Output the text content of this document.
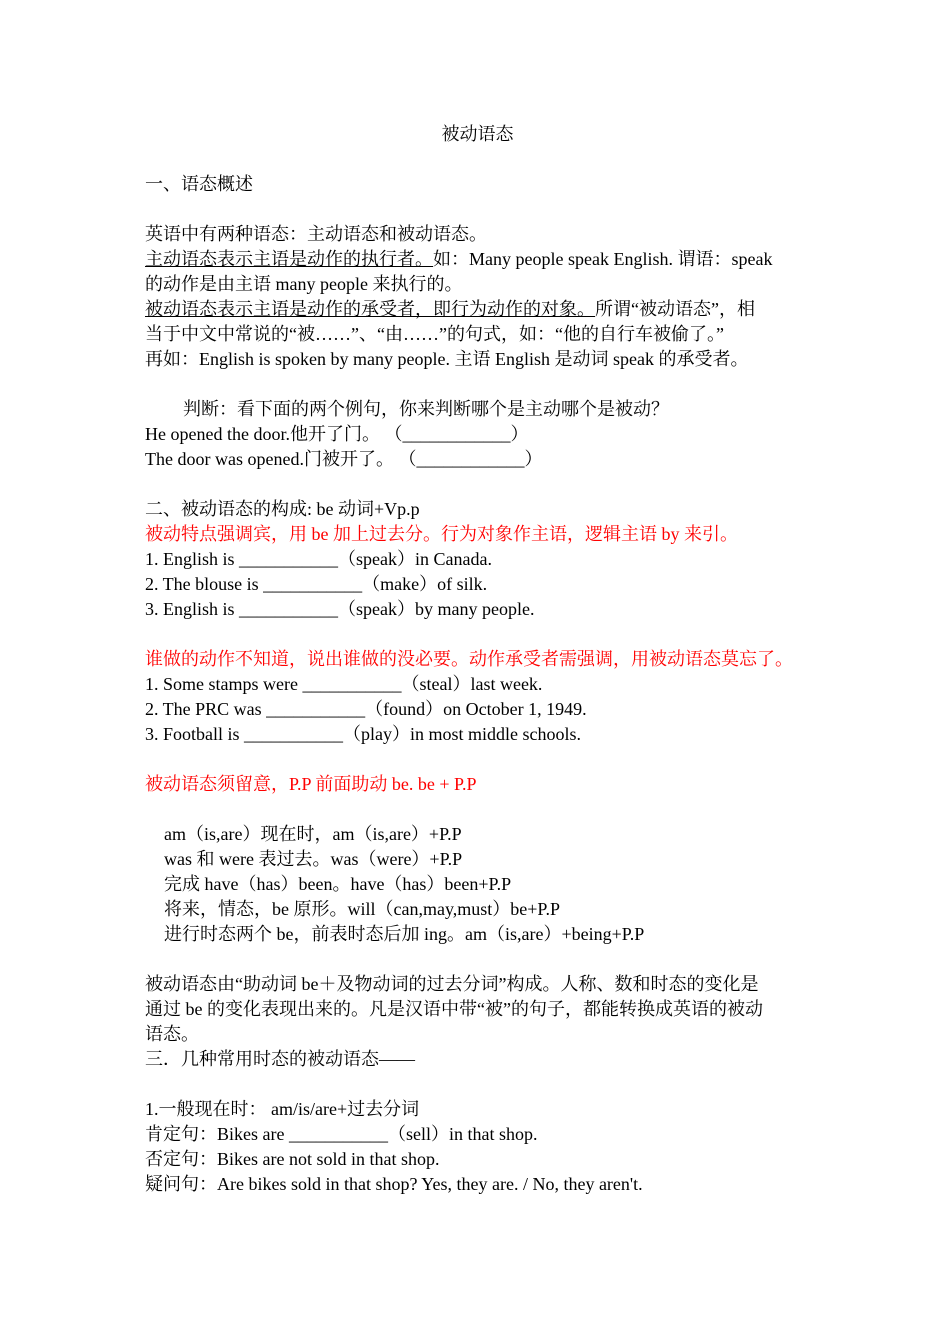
被动语态
一、语态概述
英语中有两种语态：主动语态和被动语态。
主动语态表示主语是动作的执行者。如：Many people speak English. 谓语：speak
的动作是由主语 many people 来执行的。
被动语态表示主语是动作的承受者，即行为动作的对象。所谓“被动语态”，相
当于中文中常说的“被……”、“由……”的句式，如：“他的自行车被偷了。”
再如：English is spoken by many people. 主语 English 是动词 speak 的承受者。
判断：看下面的两个例句，你来判断哪个是主动哪个是被动？
He opened the door.他开了门。 （____________）
The door was opened.门被开了。 （____________）
二、被动语态的构成: be 动词+Vp.p
被动特点强调宾，用 be 加上过去分。行为对象作主语，逻辑主语 by 来引。
1. English is ___________（speak）in Canada.
2. The blouse is ___________（make）of silk.
3. English is ___________（speak）by many people.
谁做的动作不知道，说出谁做的没必要。动作承受者需强调，用被动语态莫忘了。
1. Some stamps were ___________（steal）last week.
2. The PRC was ___________（found）on October 1, 1949.
3. Football is ___________（play）in most middle schools.
被动语态须留意，P.P 前面助动 be. be + P.P
am（is,are）现在时，am（is,are）+P.P
was 和 were 表过去。was（were）+P.P
完成 have（has）been。have（has）been+P.P
将来，情态，be 原形。will（can,may,must）be+P.P
进行时态两个 be，前表时态后加 ing。am（is,are）+being+P.P
被动语态由“助动词 be＋及物动词的过去分词”构成。人称、数和时态的变化是
通过 be 的变化表现出来的。凡是汉语中带“被”的句子，都能转换成英语的被动
语态。
三．几种常用时态的被动语态——
1.一般现在时： am/is/are+过去分词
肯定句：Bikes are ___________（sell）in that shop.
否定句：Bikes are not sold in that shop.
疑问句：Are bikes sold in that shop? Yes, they are. / No, they aren't.
